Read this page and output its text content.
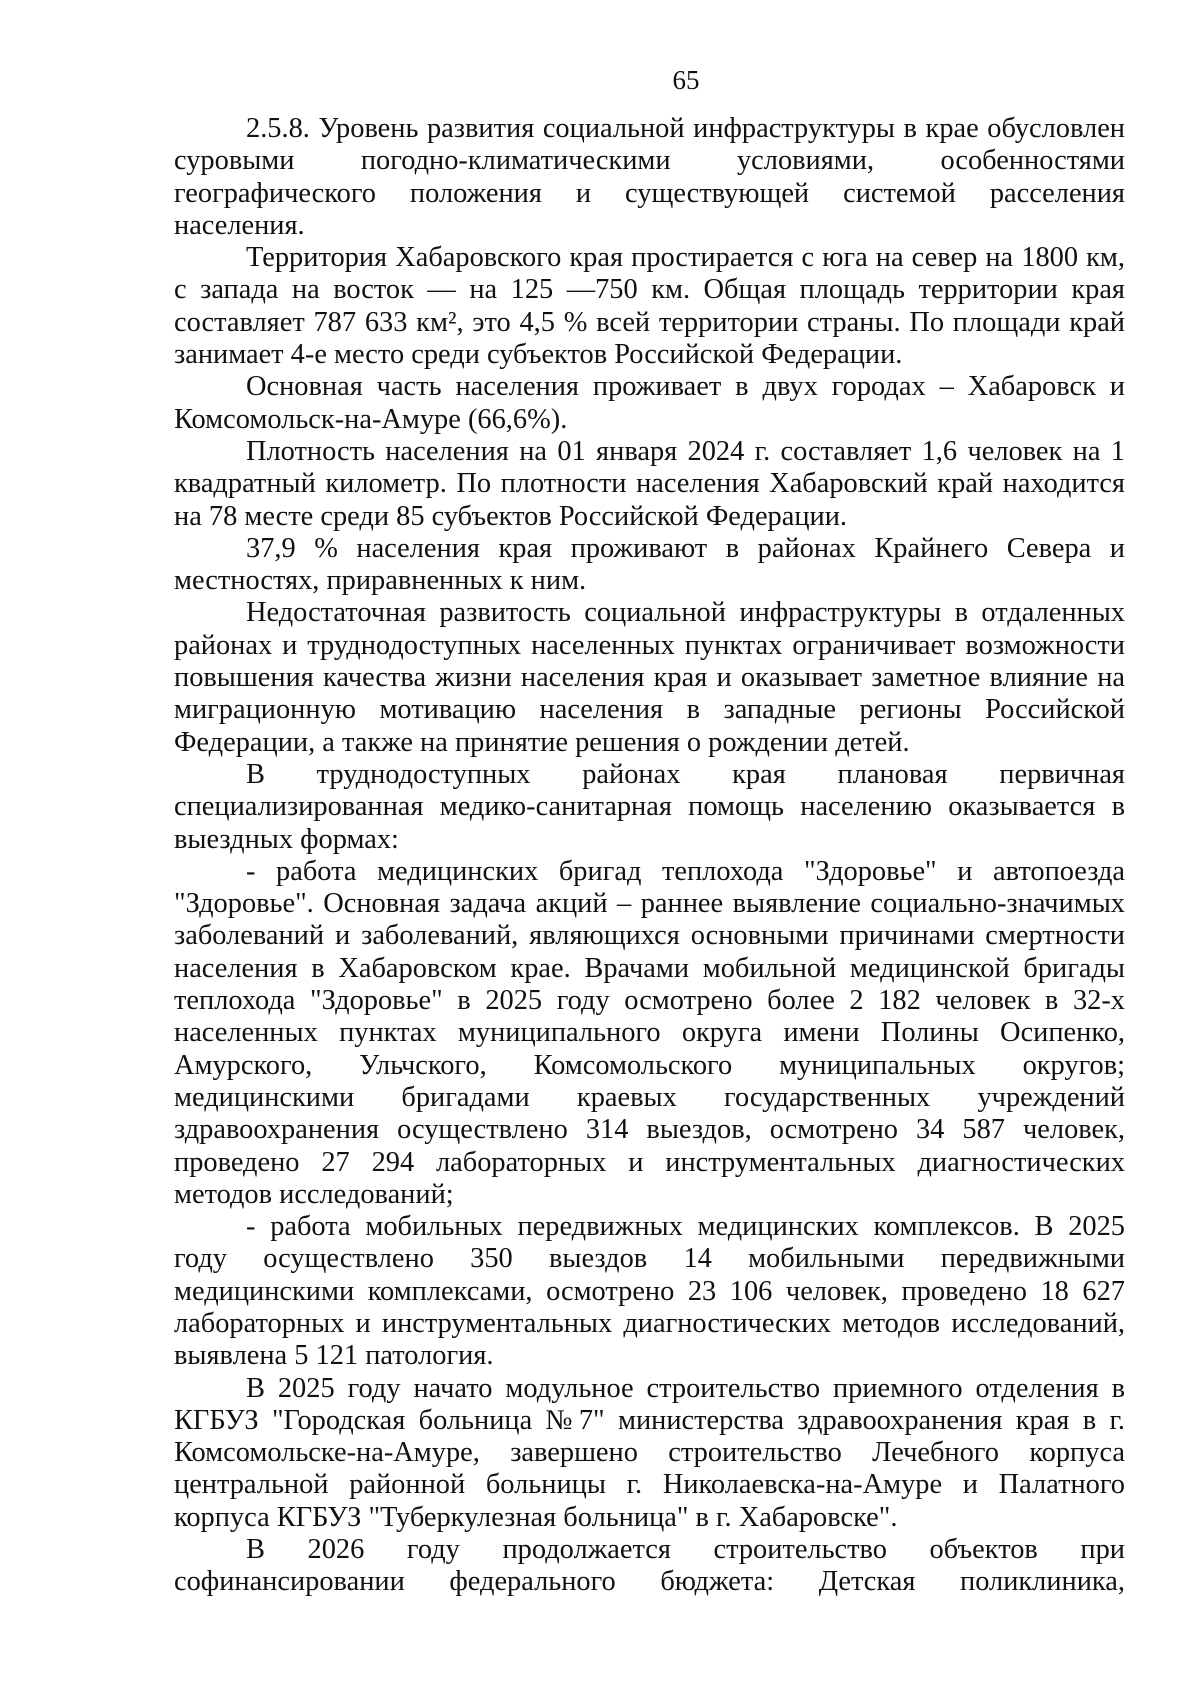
65

2.5.8. Уровень развития социальной инфраструктуры в крае обусловлен суровыми погодно-климатическими условиями, особенностями географического положения и существующей системой расселения населения.

Территория Хабаровского края простирается с юга на север на 1800 км, с запада на восток — на 125 —750 км. Общая площадь территории края составляет 787 633 км², это 4,5 % всей территории страны. По площади край занимает 4-е место среди субъектов Российской Федерации.

Основная часть населения проживает в двух городах – Хабаровск и Комсомольск-на-Амуре (66,6%).

Плотность населения на 01 января 2024 г. составляет 1,6 человек на 1 квадратный километр. По плотности населения Хабаровский край находится на 78 месте среди 85 субъектов Российской Федерации.

37,9 % населения края проживают в районах Крайнего Севера и местностях, приравненных к ним.

Недостаточная развитость социальной инфраструктуры в отдаленных районах и труднодоступных населенных пунктах ограничивает возможности повышения качества жизни населения края и оказывает заметное влияние на миграционную мотивацию населения в западные регионы Российской Федерации, а также на принятие решения о рождении детей.

В труднодоступных районах края плановая первичная специализированная медико-санитарная помощь населению оказывается в выездных формах:

- работа медицинских бригад теплохода "Здоровье" и автопоезда "Здоровье". Основная задача акций – раннее выявление социально-значимых заболеваний и заболеваний, являющихся основными причинами смертности населения в Хабаровском крае. Врачами мобильной медицинской бригады теплохода "Здоровье" в 2025 году осмотрено более 2 182 человек в 32-х населенных пунктах муниципального округа имени Полины Осипенко, Амурского, Ульчского, Комсомольского муниципальных округов; медицинскими бригадами краевых государственных учреждений здравоохранения осуществлено 314 выездов, осмотрено 34 587 человек, проведено 27 294 лабораторных и инструментальных диагностических методов исследований;

- работа мобильных передвижных медицинских комплексов. В 2025 году осуществлено 350 выездов 14 мобильными передвижными медицинскими комплексами, осмотрено 23 106 человек, проведено 18 627 лабораторных и инструментальных диагностических методов исследований, выявлена 5 121 патология.

В 2025 году начато модульное строительство приемного отделения в КГБУЗ "Городская больница №7" министерства здравоохранения края в г. Комсомольске-на-Амуре, завершено строительство Лечебного корпуса центральной районной больницы г. Николаевска-на-Амуре и Палатного корпуса КГБУЗ "Туберкулезная больница" в г. Хабаровске".

В 2026 году продолжается строительство объектов при софинансировании федерального бюджета: Детская поликлиника,
